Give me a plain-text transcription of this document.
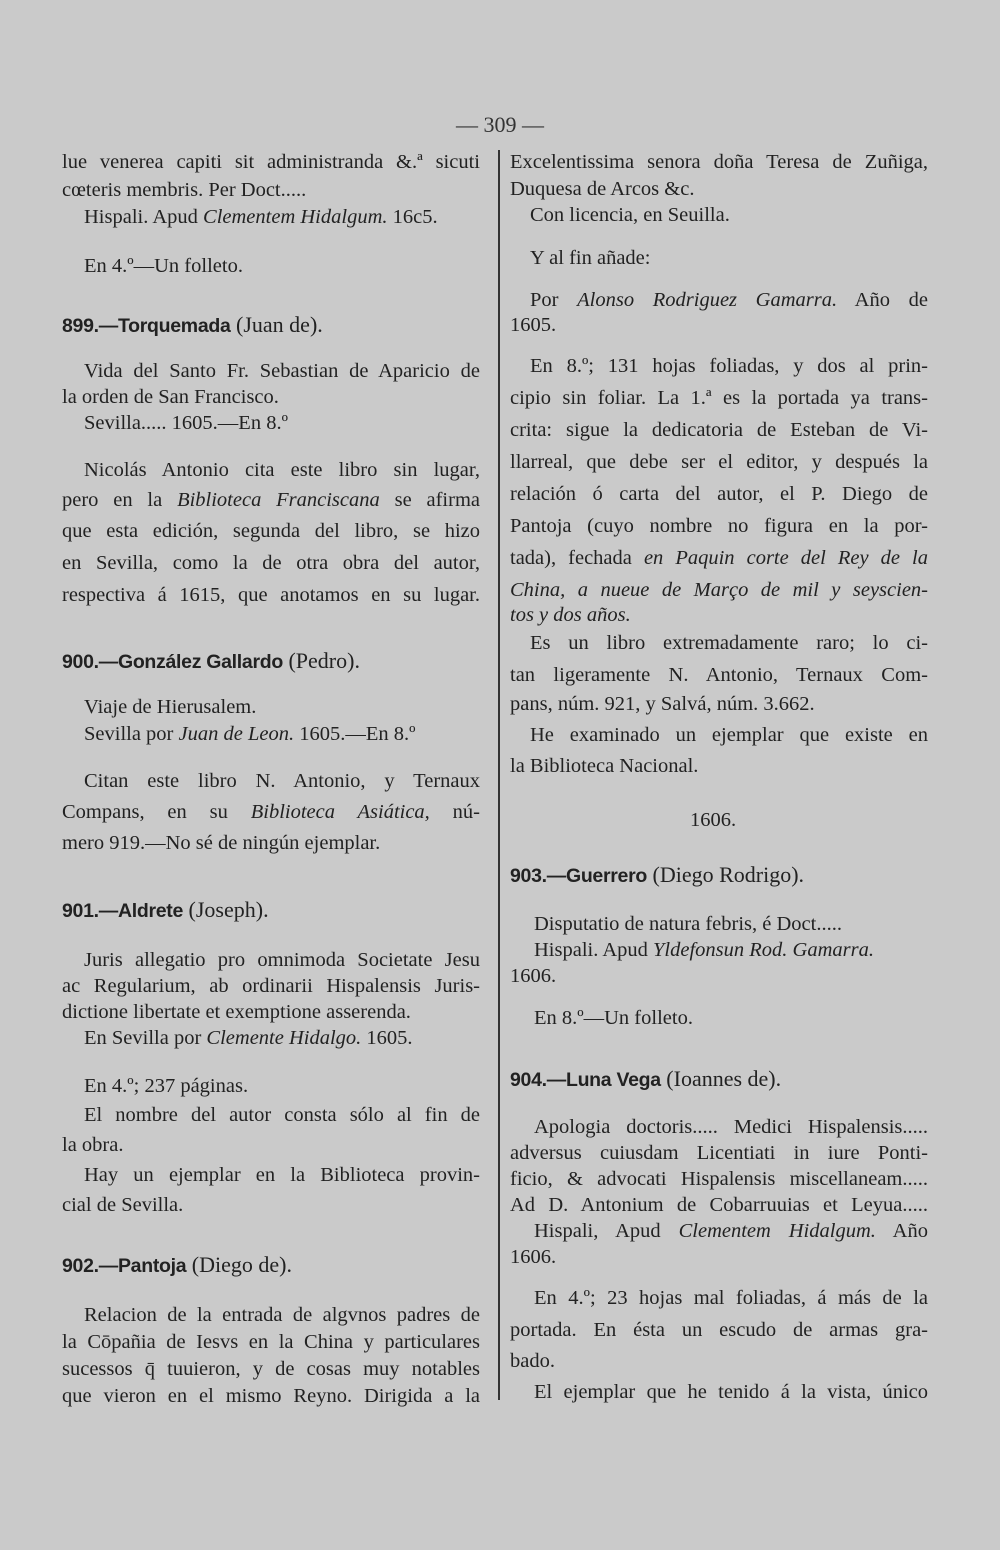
— 309 —
lue venerea capiti sit administranda &.ª sicuti
cœteris membris. Per Doct.....
Hispali. Apud Clementem Hidalgum. 16c5.
En 4.º—Un folleto.
899.—Torquemada (Juan de).
Vida del Santo Fr. Sebastian de Aparicio de
la orden de San Francisco.
Sevilla..... 1605.—En 8.º
Nicolás Antonio cita este libro sin lugar,
pero en la Biblioteca Franciscana se afirma
que esta edición, segunda del libro, se hizo
en Sevilla, como la de otra obra del autor,
respectiva á 1615, que anotamos en su lugar.
900.—González Gallardo (Pedro).
Viaje de Hierusalem.
Sevilla por Juan de Leon. 1605.—En 8.º
Citan este libro N. Antonio, y Ternaux
Compans, en su Biblioteca Asiática, nú-
mero 919.—No sé de ningún ejemplar.
901.—Aldrete (Joseph).
Juris allegatio pro omnimoda Societate Jesu
ac Regularium, ab ordinarii Hispalensis Juris-
dictione libertate et exemptione asserenda.
En Sevilla por Clemente Hidalgo. 1605.
En 4.º; 237 páginas.
El nombre del autor consta sólo al fin de
la obra.
Hay un ejemplar en la Biblioteca provin-
cial de Sevilla.
902.—Pantoja (Diego de).
Relacion de la entrada de algvnos padres de
la Cōpañia de Iesvs en la China y particulares
sucessos q̄ tuuieron, y de cosas muy notables
que vieron en el mismo Reyno. Dirigida a la
Excelentissima senora doña Teresa de Zuñiga,
Duquesa de Arcos &c.
Con licencia, en Seuilla.
Y al fin añade:
Por Alonso Rodriguez Gamarra. Año de
1605.
En 8.º; 131 hojas foliadas, y dos al prin-
cipio sin foliar. La 1.ª es la portada ya trans-
crita: sigue la dedicatoria de Esteban de Vi-
llarreal, que debe ser el editor, y después la
relación ó carta del autor, el P. Diego de
Pantoja (cuyo nombre no figura en la por-
tada), fechada en Paquin corte del Rey de la
China, a nueue de Março de mil y seyscien-
tos y dos años.
Es un libro extremadamente raro; lo ci-
tan ligeramente N. Antonio, Ternaux Com-
pans, núm. 921, y Salvá, núm. 3.662.
He examinado un ejemplar que existe en
la Biblioteca Nacional.
1606.
903.—Guerrero (Diego Rodrigo).
Disputatio de natura febris, é Doct.....
Hispali. Apud Yldefonsun Rod. Gamarra.
1606.
En 8.º—Un folleto.
904.—Luna Vega (Ioannes de).
Apologia doctoris..... Medici Hispalensis.....
adversus cuiusdam Licentiati in iure Ponti-
ficio, & advocati Hispalensis miscellaneam.....
Ad D. Antonium de Cobarruuias et Leyua.....
Hispali, Apud Clementem Hidalgum. Año
1606.
En 4.º; 23 hojas mal foliadas, á más de la
portada. En ésta un escudo de armas gra-
bado.
El ejemplar que he tenido á la vista, único
